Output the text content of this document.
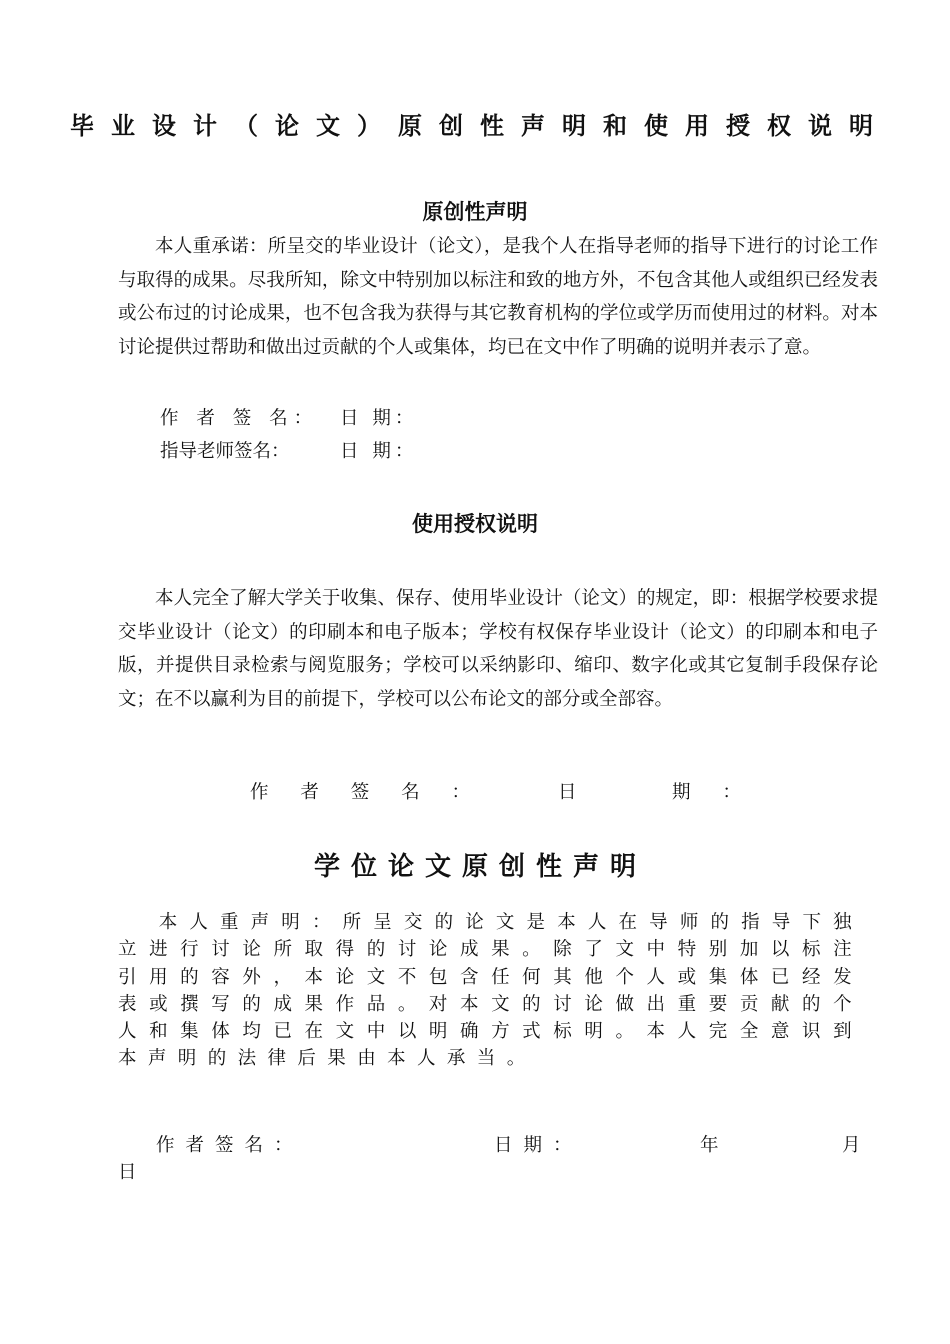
毕业设计（论文）原创性声明和使用授权说明
原创性声明
本人重承诺：所呈交的毕业设计（论文），是我个人在指导老师的指导下进行的讨论工作与取得的成果。尽我所知，除文中特别加以标注和致的地方外，不包含其他人或组织已经发表或公布过的讨论成果，也不包含我为获得与其它教育机构的学位或学历而使用过的材料。对本讨论提供过帮助和做出过贡献的个人或集体，均已在文中作了明确的说明并表示了意。
作 者 签 名： 日 期：
指导老师签名：	日 期：
使用授权说明
本人完全了解大学关于收集、保存、使用毕业设计（论文）的规定，即：根据学校要求提交毕业设计（论文）的印刷本和电子版本；学校有权保存毕业设计（论文）的印刷本和电子版，并提供目录检索与阅览服务；学校可以采纳影印、缩印、数字化或其它复制手段保存论文；在不以赢利为目的前提下，学校可以公布论文的部分或全部容。
作 者 签 名 ：	日	期 ：
学位论文原创性声明
本人重声明：所呈交的论文是本人在导师的指导下独立进行讨论所取得的讨论成果。除了文中特别加以标注引用的容外，本论文不包含任何其他个人或集体已经发表或撰写的成果作品。对本文的讨论做出重要贡献的个人和集体均已在文中以明确方式标明。本人完全意识到本声明的法律后果由本人承当。
作者签名：	日期：	年	月
日
